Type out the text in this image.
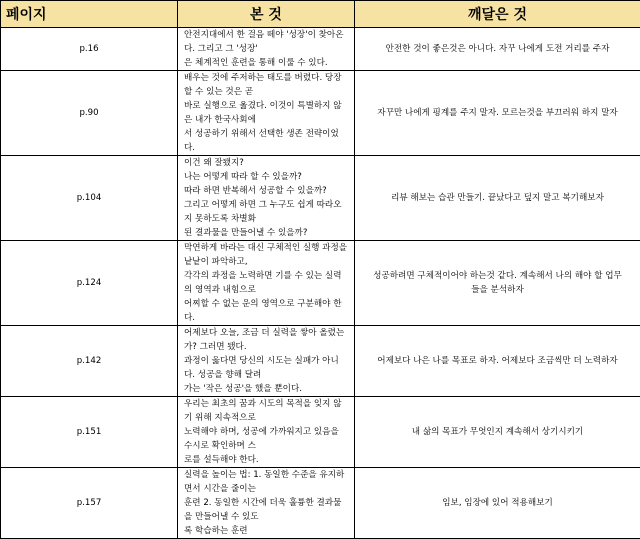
페이지	본 것	깨달은 것
p.16	안전지대에서 한 걸음 떼야 '성장'이 찾아온다. 그리고 그 '성장'
은 체계적인 훈련을 통해 이룰 수 있다.	안전한 것이 좋은것은 아니다. 자꾸 나에게 도전 거리를 주자

p.90	배우는 것에 주저하는 태도를 버렸다. 당장 할 수 있는 것은 곧
바로 실행으로 옮겼다. 이것이 특별하지 않은 내가 한국사회에
서 성공하기 위해서 선택한 생존 전략이었다.	자꾸만 나에게 핑계를 주지 말자. 모르는것을 부끄러워 하지 말자

p.104	이건 왜 잘됐지?
나는 어떻게 따라 할 수 있을까?
따라 하면 반복해서 성공할 수 있을까?
그리고 어떻게 하면 그 누구도 쉽게 따라오지 못하도록 차별화
된 결과물을 만들어낼 수 있을까?	리뷰 해보는 습관 만들기. 끝났다고 덮지 말고 복기해보자

p.124	막연하게 바라는 대신 구체적인 실행 과정을 낱낱이 파악하고,
각각의 과정을 노력하면 기를 수 있는 실력의 영역과 내힘으로
어찌할 수 없는 운의 영역으로 구분해야 한다.	성공하려면 구체적이어야 하는것 같다. 계속해서 나의 해야 할 업무
들을 분석하자

p.142	어제보다 오늘, 조금 더 실력을 쌓아 올렸는가? 그러면 됐다.
과정이 옳다면 당신의 시도는 실패가 아니다. 성공을 향해 달려
가는 '작은 성공'을 했을 뿐이다.	어제보다 나은 나를 목표로 하자. 어제보다 조금씩만 더 노력하자

p.151	우리는 최초의 꿈과 시도의 목적을 잊지 않기 위해 지속적으로
노력해야 하며, 성공에 가까워지고 있음을 수시로 확인하며 스
로를 설득해야 한다.	내 삶의 목표가 무엇인지 계속해서 상기시키기

p.157	실력을 높이는 법: 1. 동일한 수준을 유지하면서 시간을 줄이는
훈련 2. 동일한 시간에 더욱 훌륭한 결과물을 만들어낼 수 있도
록 학습하는 훈련	임보, 임장에 있어 적용해보기
